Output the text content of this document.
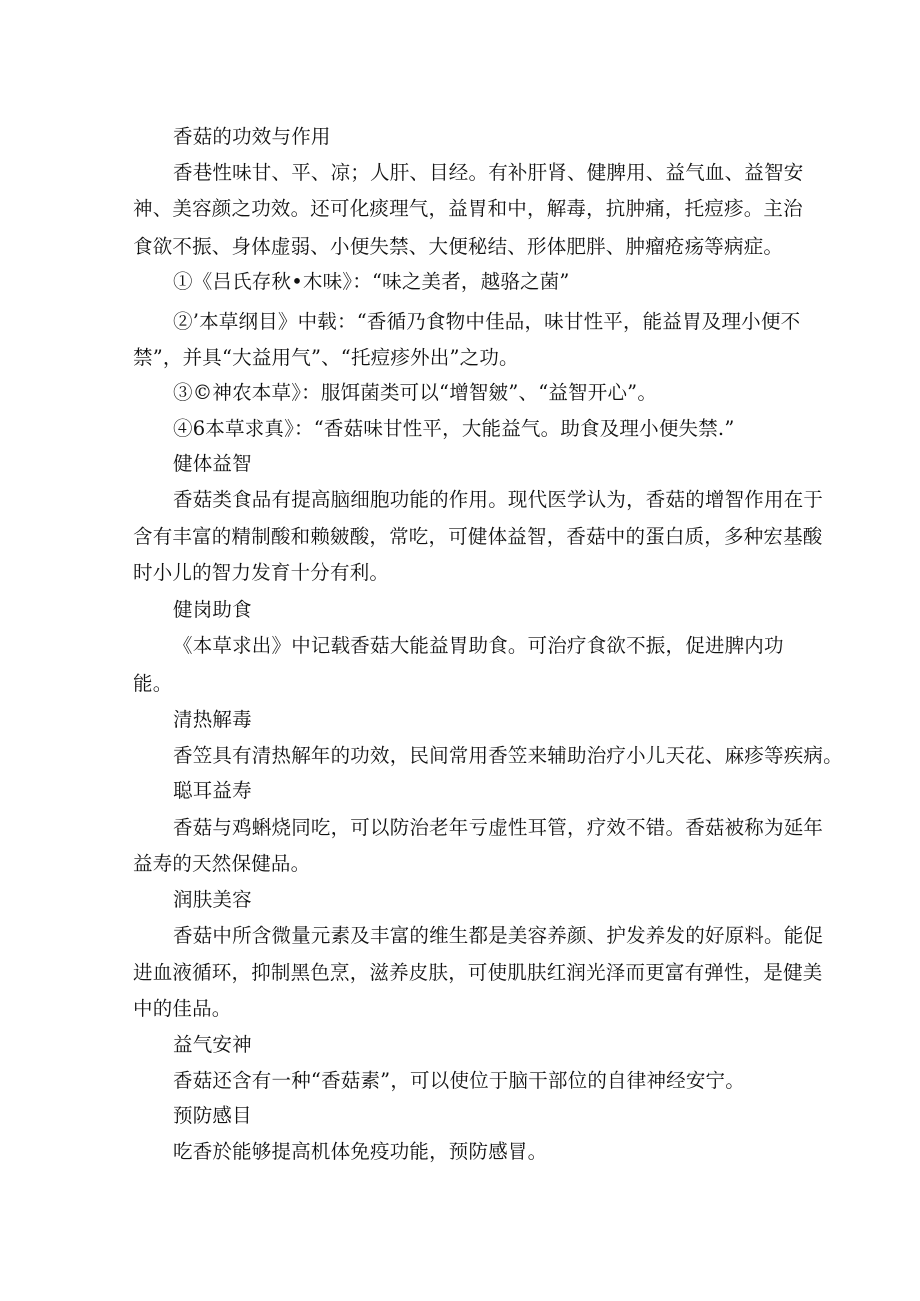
香菇的功效与作用
香巷性味甘、平、凉；人肝、目经。有补肝肾、健脾用、益气血、益智安
神、美容颜之功效。还可化痰理气，益胃和中，解毒，抗肿痛，托痘疹。主治
食欲不振、身体虚弱、小便失禁、大便秘结、形体肥胖、肿瘤疮疡等病症。
①《吕氏存秋•木味》：“味之美者，越骆之菌”
②’本草纲目》中载：“香循乃食物中佳品，味甘性平，能益胃及理小便不
禁”，并具“大益用气”、“托痘疹外出”之功。
③©神农本草》：服饵菌类可以“增智皴”、“益智开心”。
④6本草求真》：“香菇味甘性平，大能益气。助食及理小便失禁.”
健体益智
香菇类食品有提高脑细胞功能的作用。现代医学认为，香菇的增智作用在于
含有丰富的精制酸和赖皴酸，常吃，可健体益智，香菇中的蛋白质，多种宏基酸
时小儿的智力发育十分有利。
健岗助食
《本草求出》中记载香菇大能益胃助食。可治疗食欲不振，促进脾内功
能。
清热解毒
香笠具有清热解年的功效，民间常用香笠来辅助治疗小儿天花、麻疹等疾病。
聪耳益寿
香菇与鸡蝌烧同吃，可以防治老年亏虚性耳管，疗效不错。香菇被称为延年
益寿的天然保健品。
润肤美容
香菇中所含微量元素及丰富的维生都是美容养颜、护发养发的好原料。能促
进血液循环，抑制黑色烹，滋养皮肤，可使肌肤红润光泽而更富有弹性，是健美
中的佳品。
益气安神
香菇还含有一种“香菇素”，可以使位于脑干部位的自律神经安宁。
预防感目
吃香於能够提高机体免疫功能，预防感冒。
